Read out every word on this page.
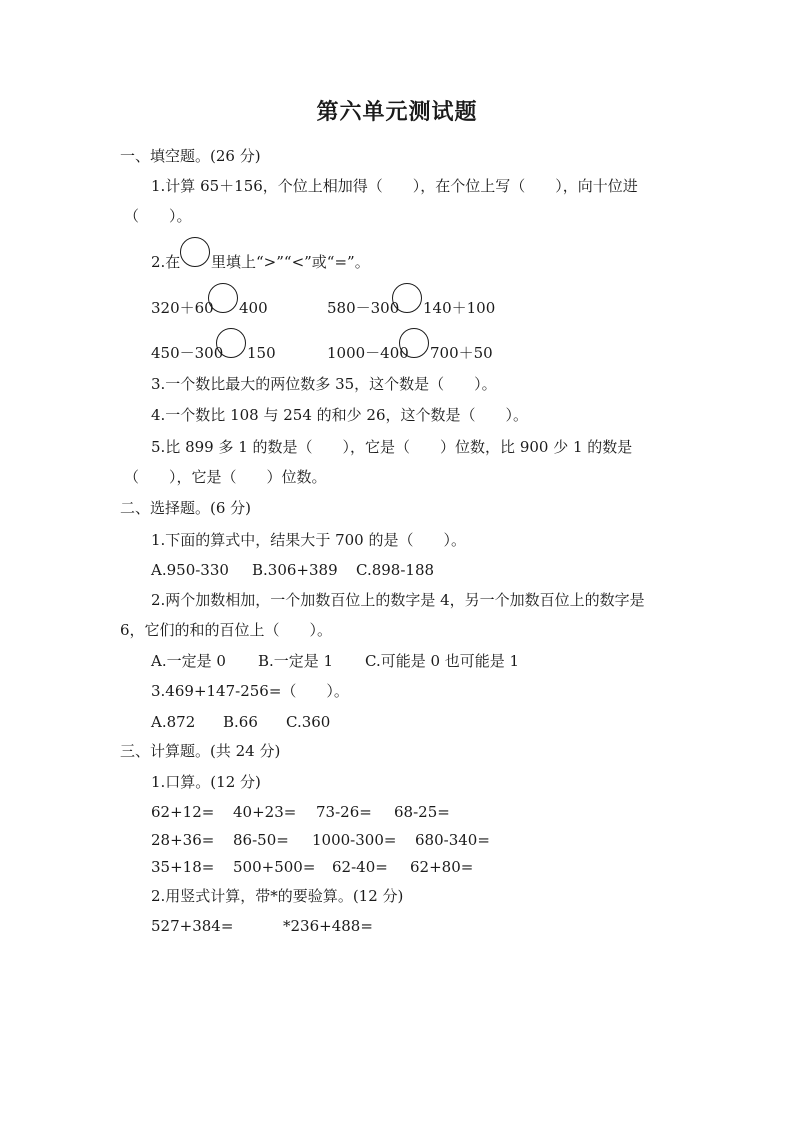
第六单元测试题
一、填空题。(26 分)
1.计算 65＋156，个位上相加得（　　），在个位上写（　　），向十位进
（　　）。
2.在 里填上“>”“<”或“=”。
320＋60 400	580－300 140＋100
450－300 150	1000－400 700＋50
3.一个数比最大的两位数多 35，这个数是（　　）。
4.一个数比 108 与 254 的和少 26，这个数是（　　）。
5.比 899 多 1 的数是（　　），它是（　　）位数，比 900 少 1 的数是
（　　），它是（　　）位数。
二、选择题。(6 分)
1.下面的算式中，结果大于 700 的是（　　）。
A.950-330 B.306+389 C.898-188
2.两个加数相加，一个加数百位上的数字是 4，另一个加数百位上的数字是
6，它们的和的百位上（　　）。
A.一定是 0 B.一定是 1 C.可能是 0 也可能是 1
3.469+147-256=（　　）。
A.872 B.66 C.360
三、计算题。(共 24 分)
1.口算。(12 分)
62+12= 40+23= 73-26= 68-25=
28+36= 86-50= 1000-300= 680-340=
35+18= 500+500= 62-40= 62+80=
2.用竖式计算，带*的要验算。(12 分)
527+384=	*236+488=
